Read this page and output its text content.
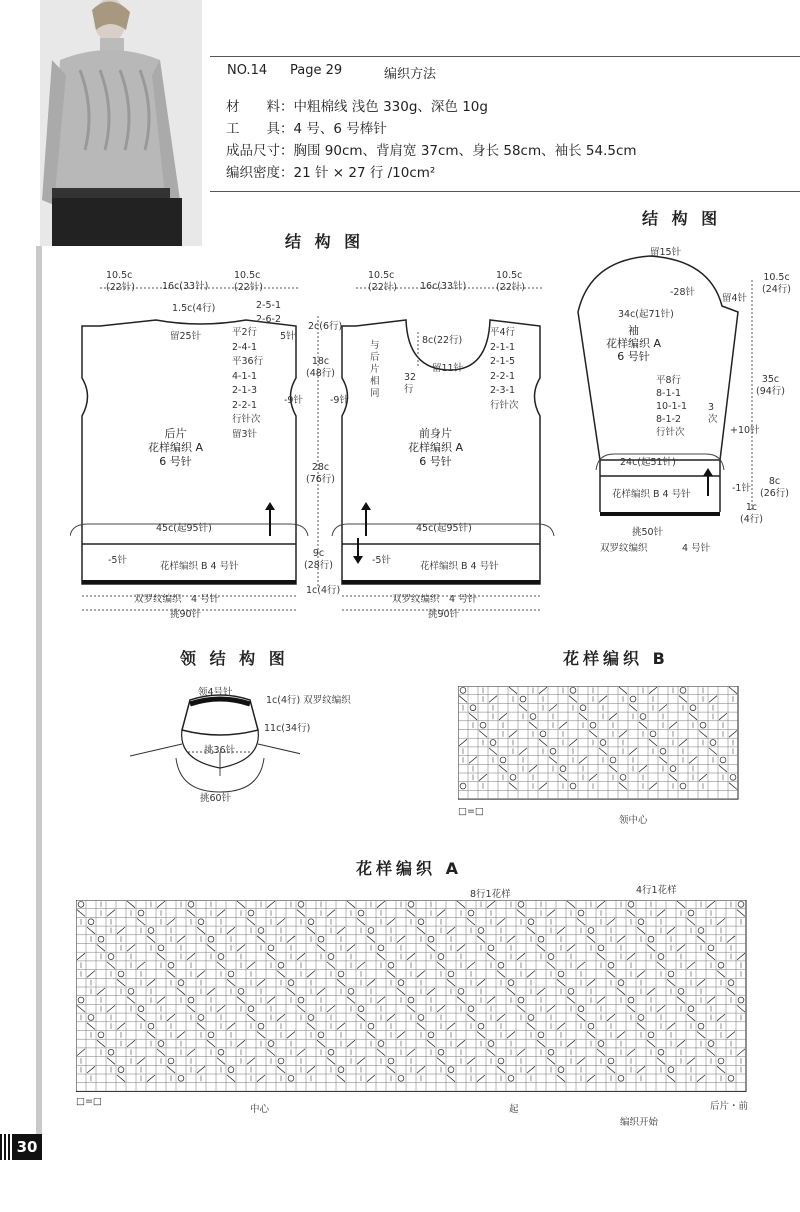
NO.14 Page 29	编织方法
材　　料：中粗棉线 浅色 330g、深色 10g
工　　具：4 号、6 号棒针
成品尺寸：胸围 90cm、背肩宽 37cm、身长 58cm、袖长 54.5cm
编织密度：21 针 × 27 行 /10cm²
结 构 图
结 构 图
10.5c
(22针)	16c(33针)
10.5c
(22针)
1.5c(4行)	2-5-1
2-6-2
5针
留25针	平2行
2-4-1
平36行
4-1-1
2-1-3
2-2-1
行针次
留3针
2c(6行)
18c
(48行)
-9针
28c
(76行)
9c
(28行)
1c(4行)
后片
花样编织 A
6 号针
45c(起95针)
-5针
花样编织 B 4 号针
双罗纹编织　4 号针
挑90针
10.5c
(22针) 16c(33针)
10.5c
(22针)
8c(22行)
留11针
32行
与后片相同
-9针
平4行
2-1-1
2-1-5
2-2-1
2-3-1
行针次
前身片
花样编织 A
6 号针
45c(起95针)
-5针
花样编织 B 4 号针
双罗纹编织　4 号针
挑90针
留15针
-28针
34c(起71针)
留4针
10.5c
(24行)
袖
花样编织 A
6 号针
平8行
8-1-1
10-1-1
8-1-2
行针次
3次
35c
(94行)
+10针
24c(起51针)
花样编织 B 4 号针
-1针
8c
(26行)
1c
(4行)
挑50针
双罗纹编织	4 号针
领 结 构 图
领4号针
1c(4行) 双罗纹编织
11c(34行)
挑36针
挑60针
花样编织 B
□=□
领中心
花样编织 A
8行1花样	4行1花样
□=□
中心	起	后片・前
编织开始
30
